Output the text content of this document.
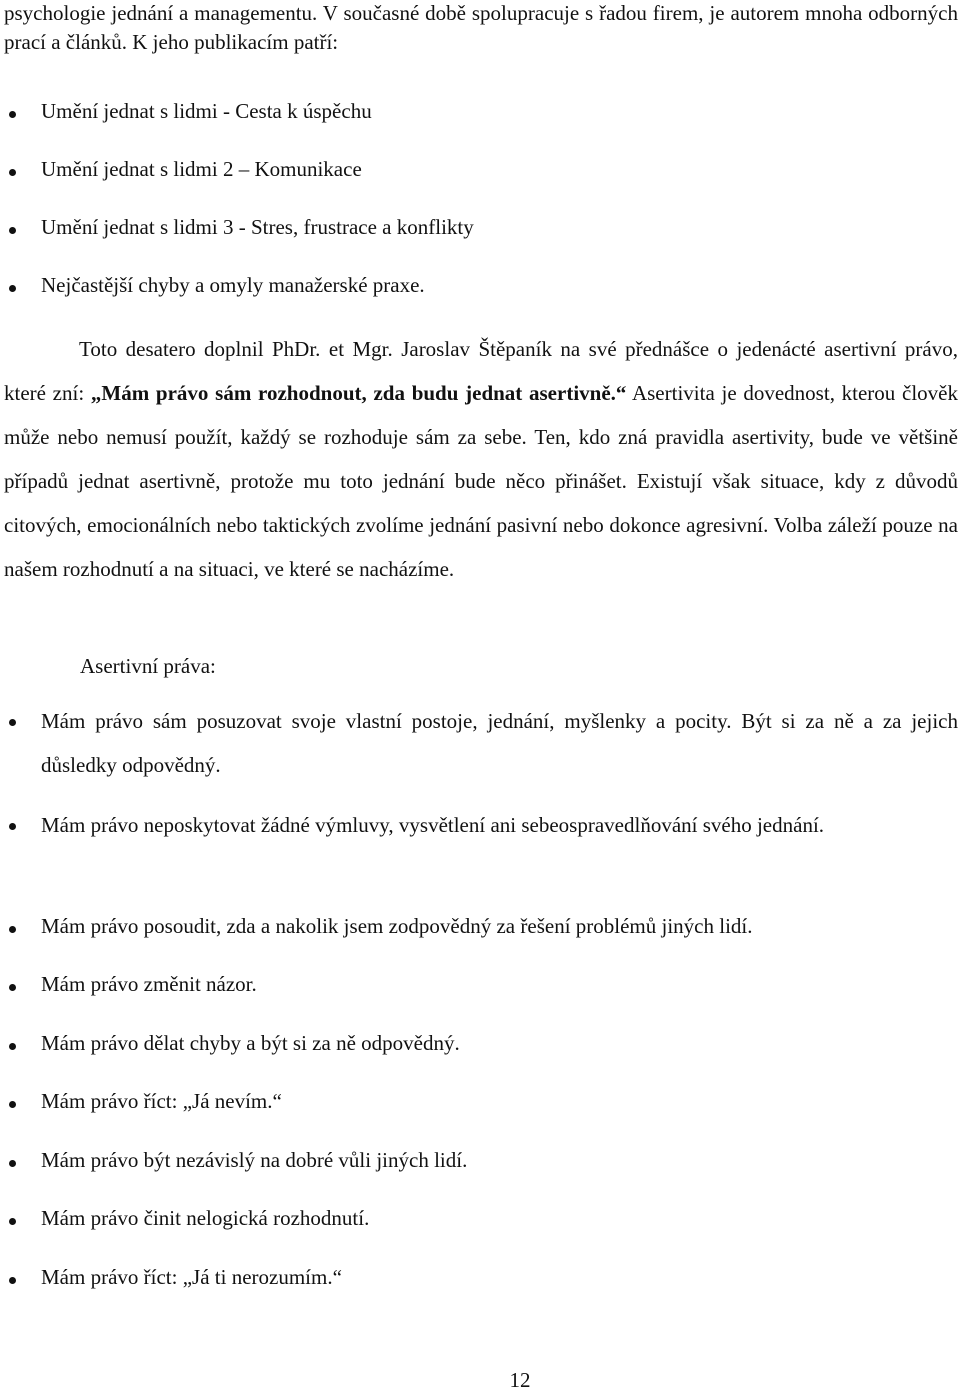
psychologie jednání a managementu. V současné době spolupracuje s řadou firem, je autorem mnoha odborných prací a článků. K jeho publikacím patří:
Umění jednat s lidmi - Cesta k úspěchu
Umění jednat s lidmi 2 – Komunikace
Umění jednat s lidmi 3 - Stres, frustrace a konflikty
Nejčastější chyby a omyly manažerské praxe.
Toto desatero doplnil PhDr. et Mgr. Jaroslav Štěpaník na své přednášce o jedenácté asertivní právo, které zní: „Mám právo sám rozhodnout, zda budu jednat asertivně.“ Asertivita je dovednost, kterou člověk může nebo nemusí použít, každý se rozhoduje sám za sebe. Ten, kdo zná pravidla asertivity, bude ve většině případů jednat asertivně, protože mu toto jednání bude něco přinášet. Existují však situace, kdy z důvodů citových, emocionálních nebo taktických zvolíme jednání pasivní nebo dokonce agresivní. Volba záleží pouze na našem rozhodnutí a na situaci, ve které se nacházíme.
Asertivní práva:
Mám právo sám posuzovat svoje vlastní postoje, jednání, myšlenky a pocity. Být si za ně a za jejich důsledky odpovědný.
Mám právo neposkytovat žádné výmluvy, vysvětlení ani sebeospravedlňování svého jednání.
Mám právo posoudit, zda a nakolik jsem zodpovědný za řešení problémů jiných lidí.
Mám právo změnit názor.
Mám právo dělat chyby a být si za ně odpovědný.
Mám právo říct: „Já nevím.“
Mám právo být nezávislý na dobré vůli jiných lidí.
Mám právo činit nelogická rozhodnutí.
Mám právo říct: „Já ti nerozumím.“
12
